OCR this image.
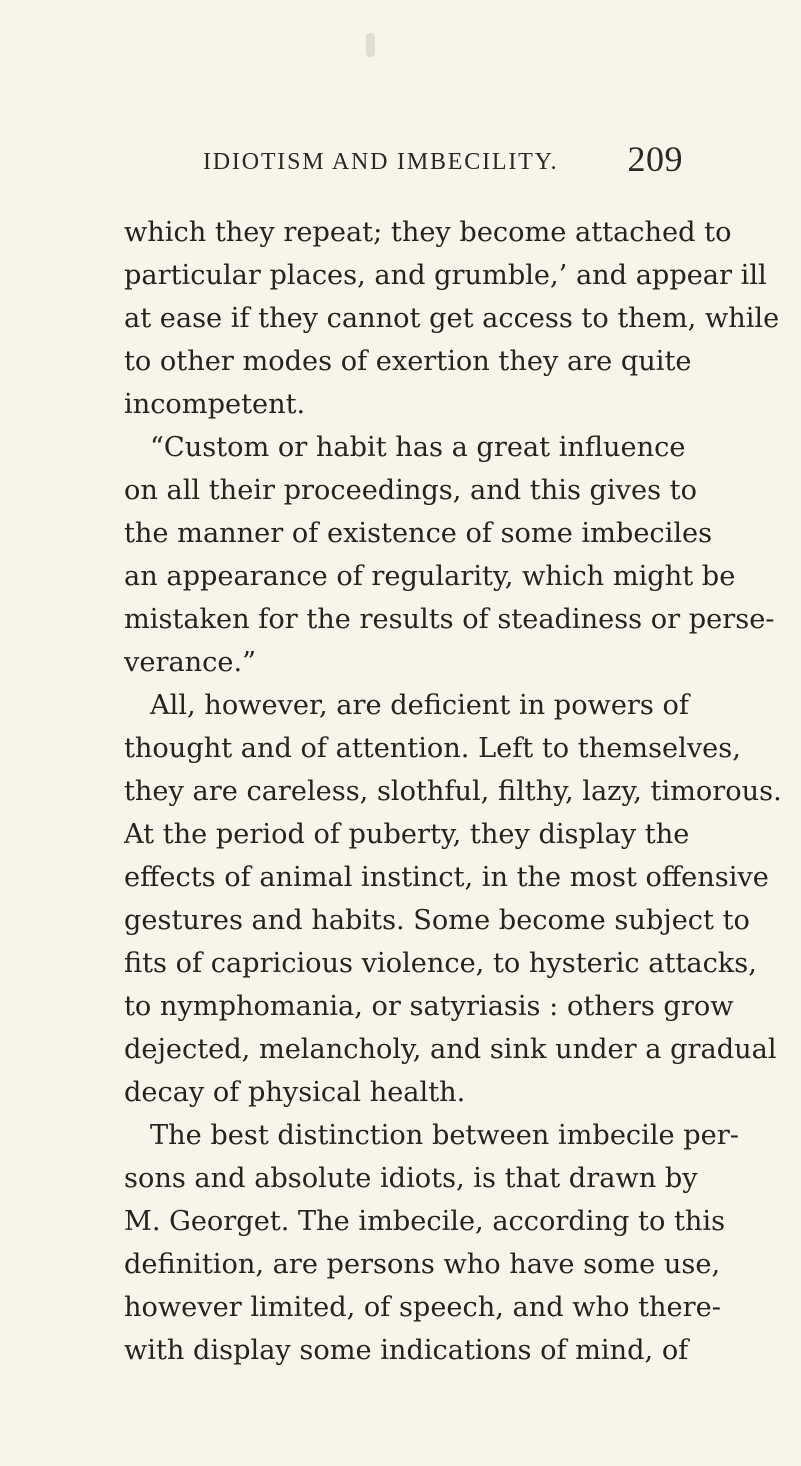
IDIOTISM AND IMBECILITY. 209
which they repeat; they become attached to
particular places, and grumble,’ and appear ill
at ease if they cannot get access to them, while
to other modes of exertion they are quite
incompetent.
“Custom or habit has a great influence
on all their proceedings, and this gives to
the manner of existence of some imbeciles
an appearance of regularity, which might be
mistaken for the results of steadiness or perse-
verance.”
All, however, are deficient in powers of
thought and of attention. Left to themselves,
they are careless, slothful, filthy, lazy, timorous.
At the period of puberty, they display the
effects of animal instinct, in the most offensive
gestures and habits. Some become subject to
fits of capricious violence, to hysteric attacks,
to nymphomania, or satyriasis : others grow
dejected, melancholy, and sink under a gradual
decay of physical health.
The best distinction between imbecile per-
sons and absolute idiots, is that drawn by
M. Georget. The imbecile, according to this
definition, are persons who have some use,
however limited, of speech, and who there-
with display some indications of mind, of
